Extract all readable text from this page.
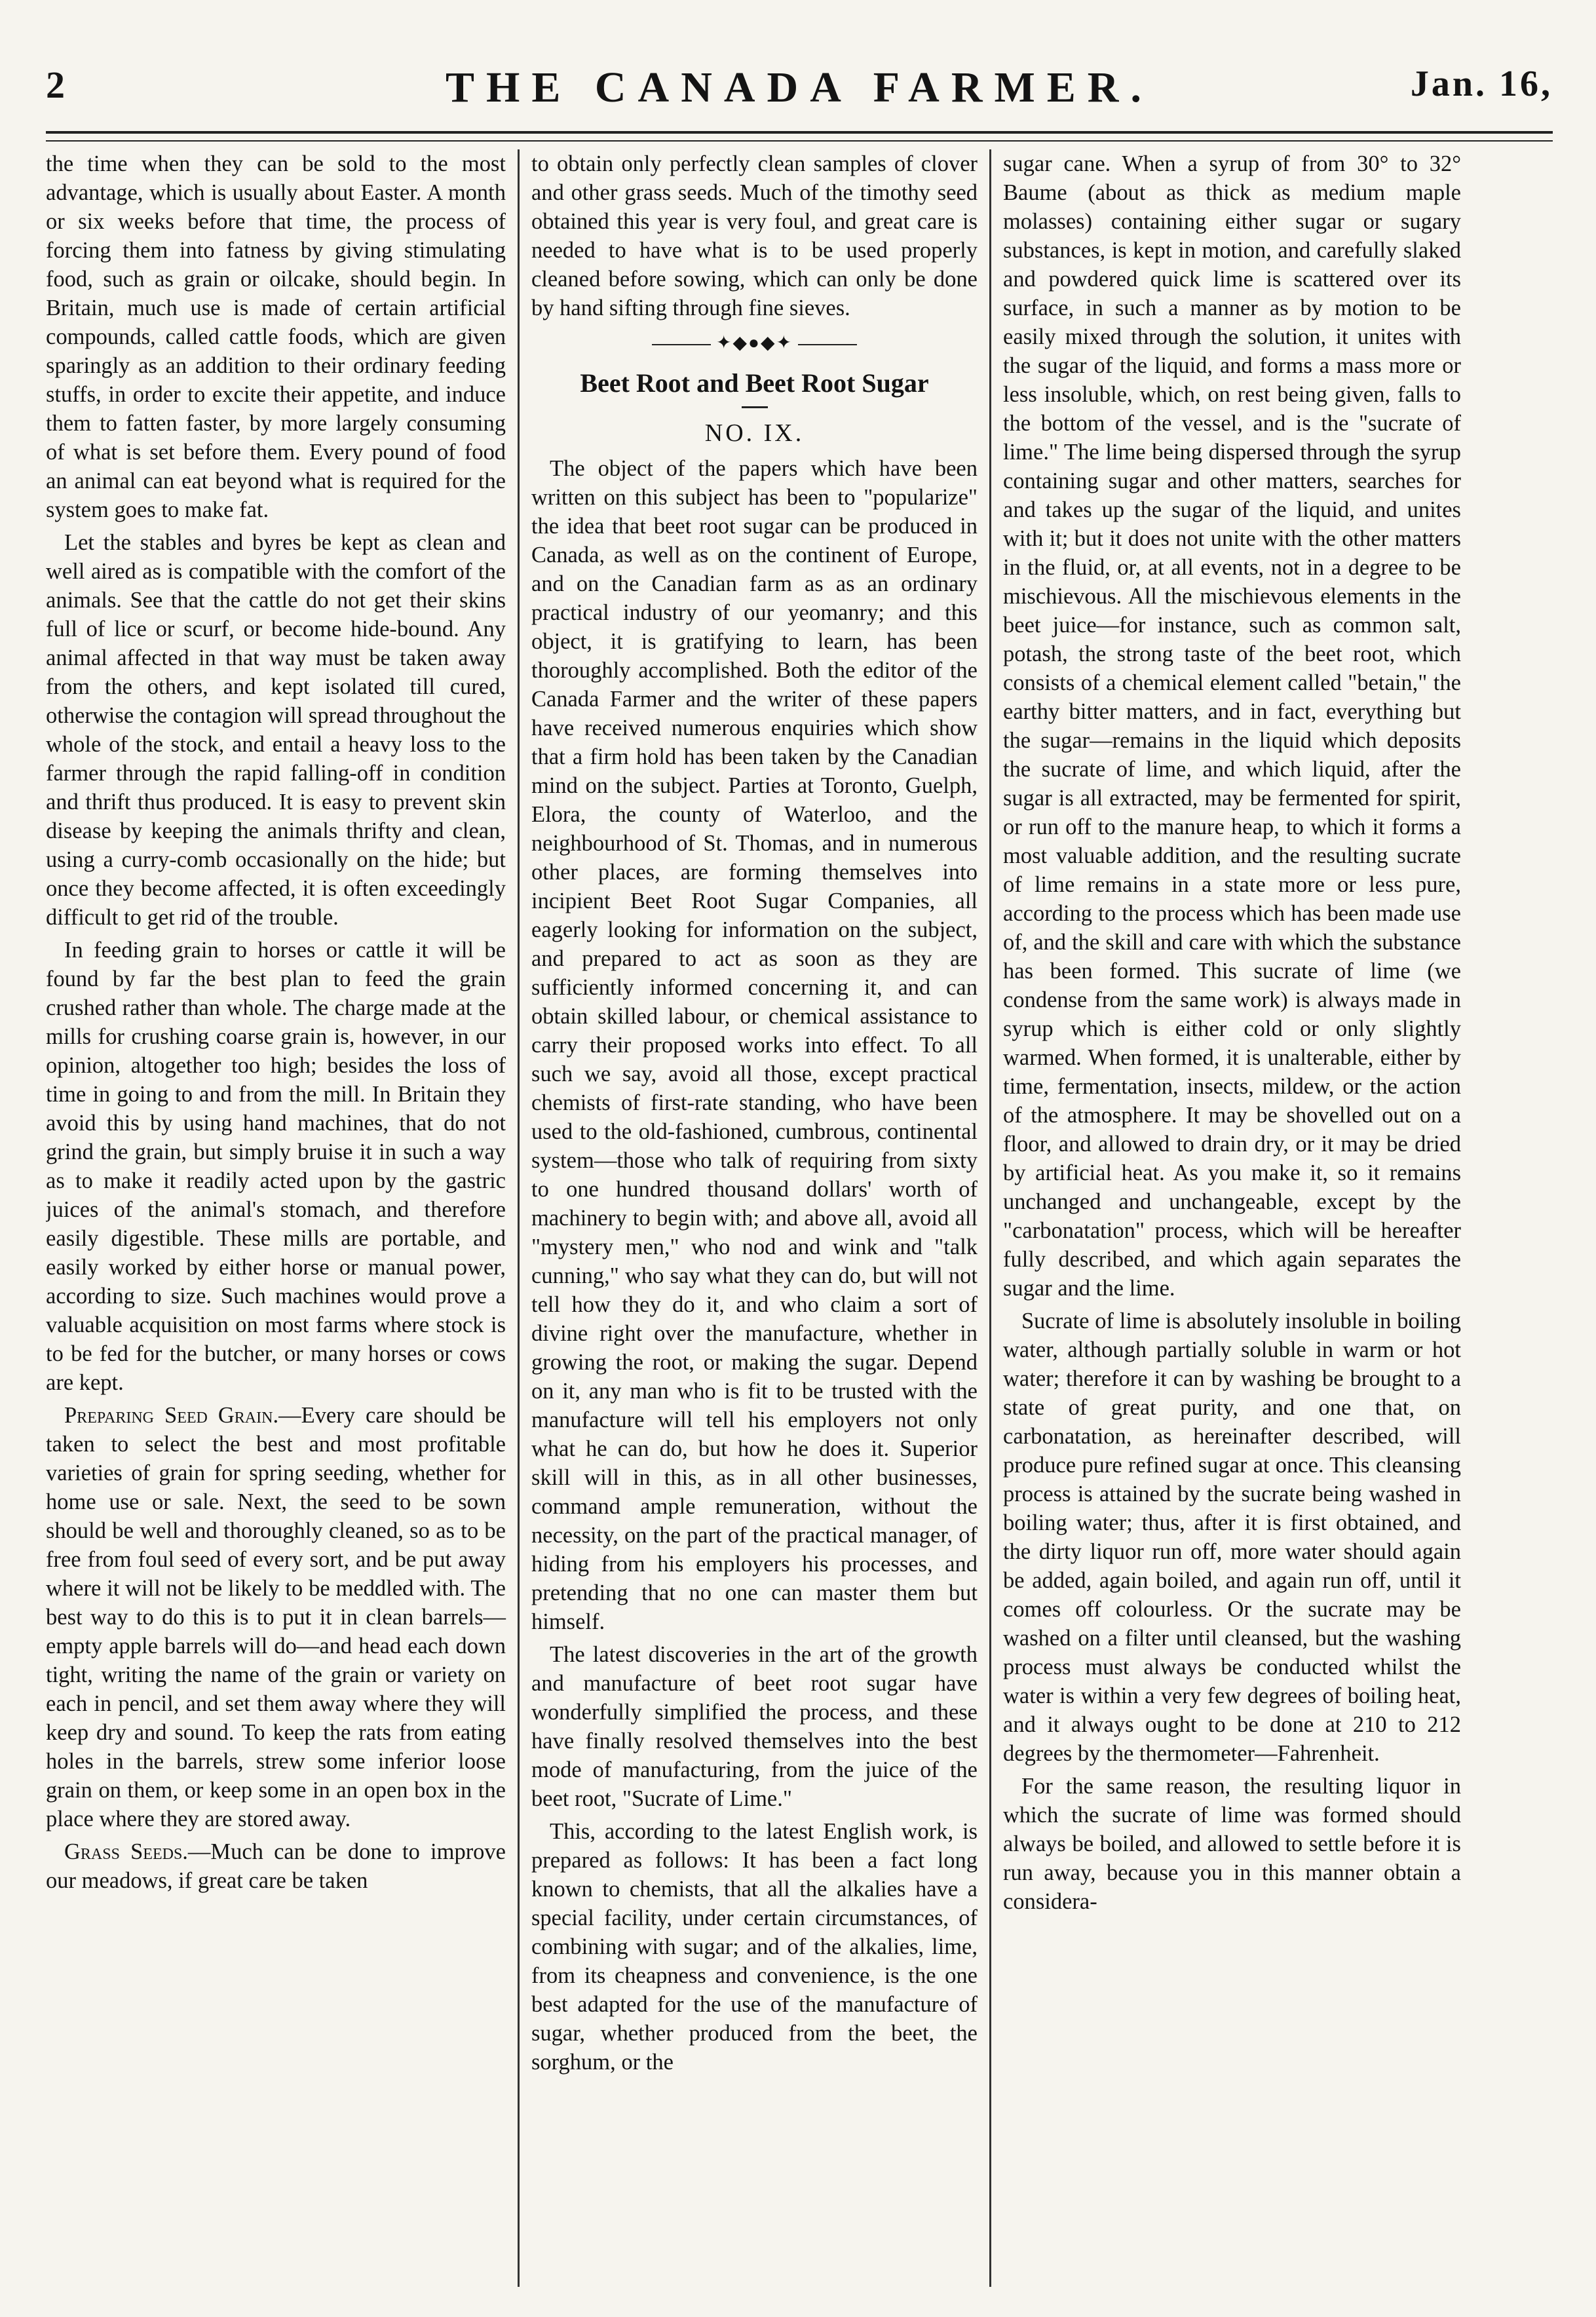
2	THE CANADA FARMER.	Jan. 16,

the time when they can be sold to the most advantage, which is usually about Easter. A month or six weeks before that time, the process of forcing them into fatness by giving stimulating food, such as grain or oilcake, should begin. In Britain, much use is made of certain artificial compounds, called cattle foods, which are given sparingly as an addition to their ordinary feeding stuffs, in order to excite their appetite, and induce them to fatten faster, by more largely consuming of what is set before them. Every pound of food an animal can eat beyond what is required for the system goes to make fat.

Let the stables and byres be kept as clean and well aired as is compatible with the comfort of the animals. See that the cattle do not get their skins full of lice or scurf, or become hide-bound. Any animal affected in that way must be taken away from the others, and kept isolated till cured, otherwise the contagion will spread throughout the whole of the stock, and entail a heavy loss to the farmer through the rapid falling-off in condition and thrift thus produced. It is easy to prevent skin disease by keeping the animals thrifty and clean, using a curry-comb occasionally on the hide; but once they become affected, it is often exceedingly difficult to get rid of the trouble.

In feeding grain to horses or cattle it will be found by far the best plan to feed the grain crushed rather than whole. The charge made at the mills for crushing coarse grain is, however, in our opinion, altogether too high; besides the loss of time in going to and from the mill. In Britain they avoid this by using hand machines, that do not grind the grain, but simply bruise it in such a way as to make it readily acted upon by the gastric juices of the animal's stomach, and therefore easily digestible. These mills are portable, and easily worked by either horse or manual power, according to size. Such machines would prove a valuable acquisition on most farms where stock is to be fed for the butcher, or many horses or cows are kept.

Preparing Seed Grain.—Every care should be taken to select the best and most profitable varieties of grain for spring seeding, whether for home use or sale. Next, the seed to be sown should be well and thoroughly cleaned, so as to be free from foul seed of every sort, and be put away where it will not be likely to be meddled with. The best way to do this is to put it in clean barrels—empty apple barrels will do—and head each down tight, writing the name of the grain or variety on each in pencil, and set them away where they will keep dry and sound. To keep the rats from eating holes in the barrels, strew some inferior loose grain on them, or keep some in an open box in the place where they are stored away.

Grass Seeds.—Much can be done to improve our meadows, if great care be taken

to obtain only perfectly clean samples of clover and other grass seeds. Much of the timothy seed obtained this year is very foul, and great care is needed to have what is to be used properly cleaned before sowing, which can only be done by hand sifting through fine sieves.

✦◆●◆✦
Beet Root and Beet Root Sugar
NO. IX.

The object of the papers which have been written on this subject has been to "popularize" the idea that beet root sugar can be produced in Canada, as well as on the continent of Europe, and on the Canadian farm as as an ordinary practical industry of our yeomanry; and this object, it is gratifying to learn, has been thoroughly accomplished. Both the editor of the Canada Farmer and the writer of these papers have received numerous enquiries which show that a firm hold has been taken by the Canadian mind on the subject. Parties at Toronto, Guelph, Elora, the county of Waterloo, and the neighbourhood of St. Thomas, and in numerous other places, are forming themselves into incipient Beet Root Sugar Companies, all eagerly looking for information on the subject, and prepared to act as soon as they are sufficiently informed concerning it, and can obtain skilled labour, or chemical assistance to carry their proposed works into effect. To all such we say, avoid all those, except practical chemists of first-rate standing, who have been used to the old-fashioned, cumbrous, continental system—those who talk of requiring from sixty to one hundred thousand dollars' worth of machinery to begin with; and above all, avoid all "mystery men," who nod and wink and "talk cunning," who say what they can do, but will not tell how they do it, and who claim a sort of divine right over the manufacture, whether in growing the root, or making the sugar. Depend on it, any man who is fit to be trusted with the manufacture will tell his employers not only what he can do, but how he does it. Superior skill will in this, as in all other businesses, command ample remuneration, without the necessity, on the part of the practical manager, of hiding from his employers his processes, and pretending that no one can master them but himself.

The latest discoveries in the art of the growth and manufacture of beet root sugar have wonderfully simplified the process, and these have finally resolved themselves into the best mode of manufacturing, from the juice of the beet root, "Sucrate of Lime."

This, according to the latest English work, is prepared as follows: It has been a fact long known to chemists, that all the alkalies have a special facility, under certain circumstances, of combining with sugar; and of the alkalies, lime, from its cheapness and convenience, is the one best adapted for the use of the manufacture of sugar, whether produced from the beet, the sorghum, or the

sugar cane. When a syrup of from 30° to 32° Baume (about as thick as medium maple molasses) containing either sugar or sugary substances, is kept in motion, and carefully slaked and powdered quick lime is scattered over its surface, in such a manner as by motion to be easily mixed through the solution, it unites with the sugar of the liquid, and forms a mass more or less insoluble, which, on rest being given, falls to the bottom of the vessel, and is the "sucrate of lime." The lime being dispersed through the syrup containing sugar and other matters, searches for and takes up the sugar of the liquid, and unites with it; but it does not unite with the other matters in the fluid, or, at all events, not in a degree to be mischievous. All the mischievous elements in the beet juice—for instance, such as common salt, potash, the strong taste of the beet root, which consists of a chemical element called "betain," the earthy bitter matters, and in fact, everything but the sugar—remains in the liquid which deposits the sucrate of lime, and which liquid, after the sugar is all extracted, may be fermented for spirit, or run off to the manure heap, to which it forms a most valuable addition, and the resulting sucrate of lime remains in a state more or less pure, according to the process which has been made use of, and the skill and care with which the substance has been formed. This sucrate of lime (we condense from the same work) is always made in syrup which is either cold or only slightly warmed. When formed, it is unalterable, either by time, fermentation, insects, mildew, or the action of the atmosphere. It may be shovelled out on a floor, and allowed to drain dry, or it may be dried by artificial heat. As you make it, so it remains unchanged and unchangeable, except by the "carbonatation" process, which will be hereafter fully described, and which again separates the sugar and the lime.

Sucrate of lime is absolutely insoluble in boiling water, although partially soluble in warm or hot water; therefore it can by washing be brought to a state of great purity, and one that, on carbonatation, as hereinafter described, will produce pure refined sugar at once. This cleansing process is attained by the sucrate being washed in boiling water; thus, after it is first obtained, and the dirty liquor run off, more water should again be added, again boiled, and again run off, until it comes off colourless. Or the sucrate may be washed on a filter until cleansed, but the washing process must always be conducted whilst the water is within a very few degrees of boiling heat, and it always ought to be done at 210 to 212 degrees by the thermometer—Fahrenheit.

For the same reason, the resulting liquor in which the sucrate of lime was formed should always be boiled, and allowed to settle before it is run away, because you in this manner obtain a considera-
